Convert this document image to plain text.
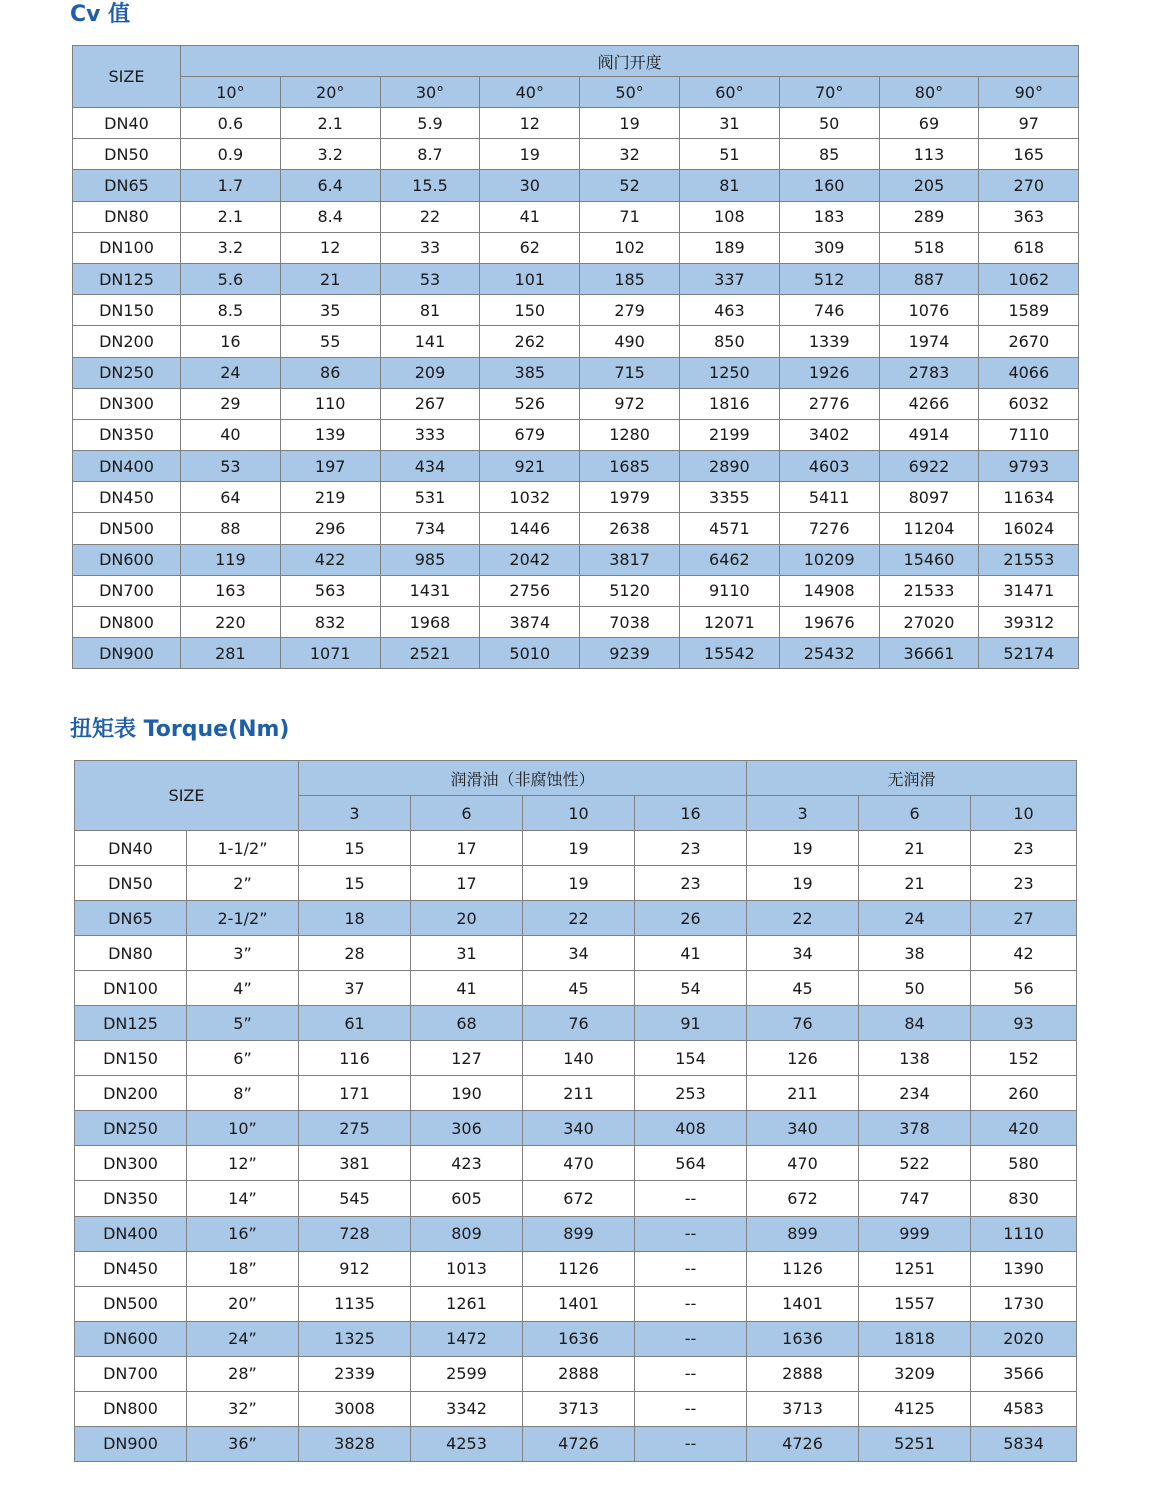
Cv 值
SIZE	阀门开度								
	10°	20°	30°	40°	50°	60°	70°	80°	90°
DN40	0.6	2.1	5.9	12	19	31	50	69	97
DN50	0.9	3.2	8.7	19	32	51	85	113	165
DN65	1.7	6.4	15.5	30	52	81	160	205	270
DN80	2.1	8.4	22	41	71	108	183	289	363
DN100	3.2	12	33	62	102	189	309	518	618
DN125	5.6	21	53	101	185	337	512	887	1062
DN150	8.5	35	81	150	279	463	746	1076	1589
DN200	16	55	141	262	490	850	1339	1974	2670
DN250	24	86	209	385	715	1250	1926	2783	4066
DN300	29	110	267	526	972	1816	2776	4266	6032
DN350	40	139	333	679	1280	2199	3402	4914	7110
DN400	53	197	434	921	1685	2890	4603	6922	9793
DN450	64	219	531	1032	1979	3355	5411	8097	11634
DN500	88	296	734	1446	2638	4571	7276	11204	16024
DN600	119	422	985	2042	3817	6462	10209	15460	21553
DN700	163	563	1431	2756	5120	9110	14908	21533	31471
DN800	220	832	1968	3874	7038	12071	19676	27020	39312
DN900	281	1071	2521	5010	9239	15542	25432	36661	52174
扭矩表 Torque(Nm)
SIZE		润滑油（非腐蚀性）				无润滑		
		3	6	10	16	3	6	10
DN40	1-1/2”	15	17	19	23	19	21	23
DN50	2”	15	17	19	23	19	21	23
DN65	2-1/2”	18	20	22	26	22	24	27
DN80	3”	28	31	34	41	34	38	42
DN100	4”	37	41	45	54	45	50	56
DN125	5”	61	68	76	91	76	84	93
DN150	6”	116	127	140	154	126	138	152
DN200	8”	171	190	211	253	211	234	260
DN250	10”	275	306	340	408	340	378	420
DN300	12”	381	423	470	564	470	522	580
DN350	14”	545	605	672	--	672	747	830
DN400	16”	728	809	899	--	899	999	1110
DN450	18”	912	1013	1126	--	1126	1251	1390
DN500	20”	1135	1261	1401	--	1401	1557	1730
DN600	24”	1325	1472	1636	--	1636	1818	2020
DN700	28”	2339	2599	2888	--	2888	3209	3566
DN800	32”	3008	3342	3713	--	3713	4125	4583
DN900	36”	3828	4253	4726	--	4726	5251	5834
